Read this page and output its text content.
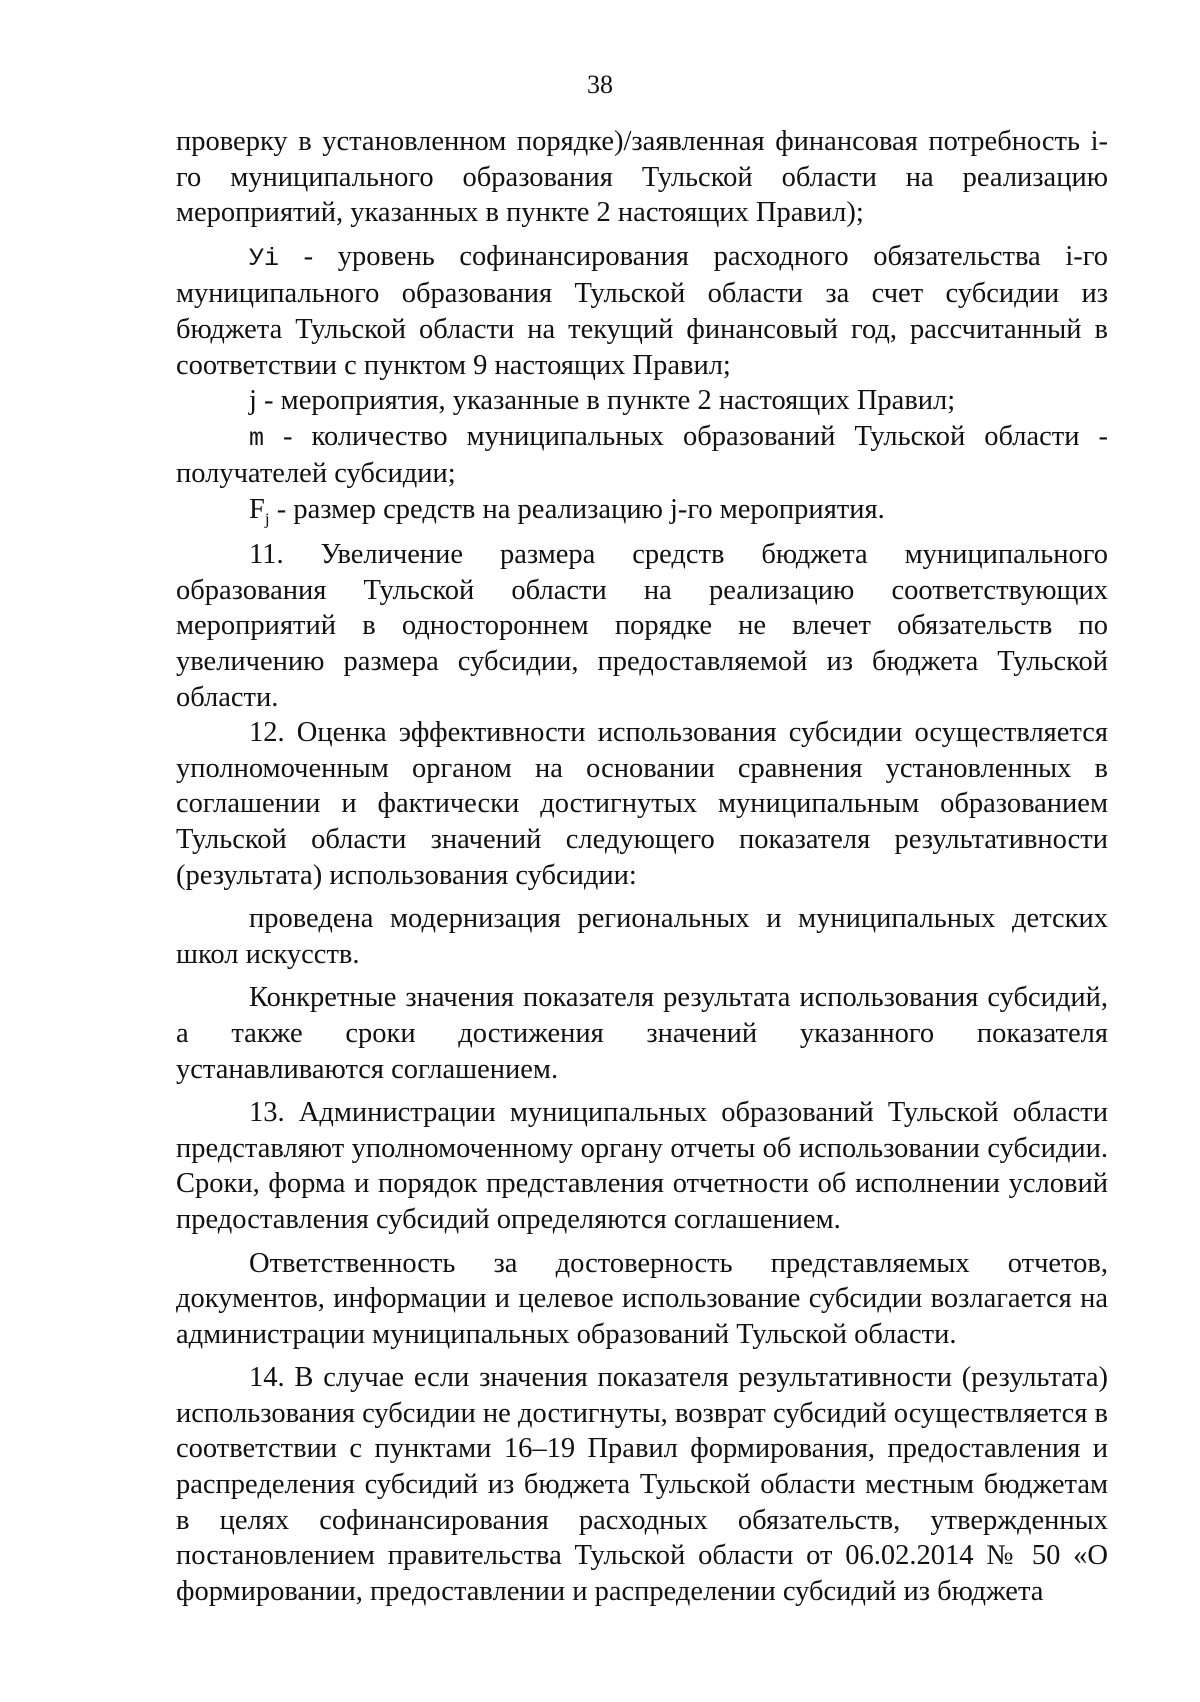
38

проверку в установленном порядке)/заявленная финансовая потребность i-го муниципального образования Тульской области на реализацию мероприятий, указанных в пункте 2 настоящих Правил);

Уi - уровень софинансирования расходного обязательства i-го муниципального образования Тульской области за счет субсидии из бюджета Тульской области на текущий финансовый год, рассчитанный в соответствии с пунктом 9 настоящих Правил;

j - мероприятия, указанные в пункте 2 настоящих Правил;

m - количество муниципальных образований Тульской области - получателей субсидии;

$F_j$ - размер средств на реализацию j-го мероприятия.

11. Увеличение размера средств бюджета муниципального образования Тульской области на реализацию соответствующих мероприятий в одностороннем порядке не влечет обязательств по увеличению размера субсидии, предоставляемой из бюджета Тульской области.

12. Оценка эффективности использования субсидии осуществляется уполномоченным органом на основании сравнения установленных в соглашении и фактически достигнутых муниципальным образованием Тульской области значений следующего показателя результативности (результата) использования субсидии:

проведена модернизация региональных и муниципальных детских школ искусств.

Конкретные значения показателя результата использования субсидий, а также сроки достижения значений указанного показателя устанавливаются соглашением.

13. Администрации муниципальных образований Тульской области представляют уполномоченному органу отчеты об использовании субсидии. Сроки, форма и порядок представления отчетности об исполнении условий предоставления субсидий определяются соглашением.

Ответственность за достоверность представляемых отчетов, документов, информации и целевое использование субсидии возлагается на администрации муниципальных образований Тульской области.

14. В случае если значения показателя результативности (результата) использования субсидии не достигнуты, возврат субсидий осуществляется в соответствии с пунктами 16–19 Правил формирования, предоставления и распределения субсидий из бюджета Тульской области местным бюджетам в целях софинансирования расходных обязательств, утвержденных постановлением правительства Тульской области от 06.02.2014 № 50 «О формировании, предоставлении и распределении субсидий из бюджета
